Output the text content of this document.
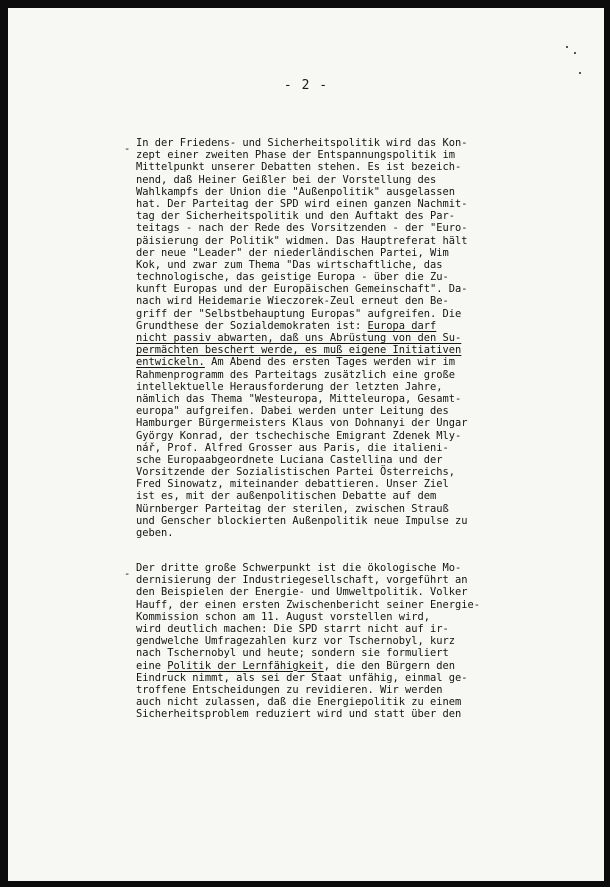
- 2 -
- In der Friedens- und Sicherheitspolitik wird das Kon-
zept einer zweiten Phase der Entspannungspolitik im
Mittelpunkt unserer Debatten stehen. Es ist bezeich-
nend, daß Heiner Geißler bei der Vorstellung des
Wahlkampfs der Union die "Außenpolitik" ausgelassen
hat. Der Parteitag der SPD wird einen ganzen Nachmit-
tag der Sicherheitspolitik und den Auftakt des Par-
teitags - nach der Rede des Vorsitzenden - der "Euro-
päisierung der Politik" widmen. Das Hauptreferat hält
der neue "Leader" der niederländischen Partei, Wim
Kok, und zwar zum Thema "Das wirtschaftliche, das
technologische, das geistige Europa - über die Zu-
kunft Europas und der Europäischen Gemeinschaft". Da-
nach wird Heidemarie Wieczorek-Zeul erneut den Be-
griff der "Selbstbehauptung Europas" aufgreifen. Die
Grundthese der Sozialdemokraten ist: Europa darf
nicht passiv abwarten, daß uns Abrüstung von den Su-
permächten beschert werde, es muß eigene Initiativen
entwickeln. Am Abend des ersten Tages werden wir im
Rahmenprogramm des Parteitags zusätzlich eine große
intellektuelle Herausforderung der letzten Jahre,
nämlich das Thema "Westeuropa, Mitteleuropa, Gesamt-
europa" aufgreifen. Dabei werden unter Leitung des
Hamburger Bürgermeisters Klaus von Dohnanyi der Ungar
György Konrad, der tschechische Emigrant Zdenek Mly-
nář, Prof. Alfred Grosser aus Paris, die italieni-
sche Europaabgeordnete Luciana Castellina und der
Vorsitzende der Sozialistischen Partei Österreichs,
Fred Sinowatz, miteinander debattieren. Unser Ziel
ist es, mit der außenpolitischen Debatte auf dem
Nürnberger Parteitag der sterilen, zwischen Strauß
und Genscher blockierten Außenpolitik neue Impulse zu
geben.
- Der dritte große Schwerpunkt ist die ökologische Mo-
dernisierung der Industriegesellschaft, vorgeführt an
den Beispielen der Energie- und Umweltpolitik. Volker
Hauff, der einen ersten Zwischenbericht seiner Energie-
Kommission schon am 11. August vorstellen wird,
wird deutlich machen: Die SPD starrt nicht auf ir-
gendwelche Umfragezahlen kurz vor Tschernobyl, kurz
nach Tschernobyl und heute; sondern sie formuliert
eine Politik der Lernfähigkeit, die den Bürgern den
Eindruck nimmt, als sei der Staat unfähig, einmal ge-
troffene Entscheidungen zu revidieren. Wir werden
auch nicht zulassen, daß die Energiepolitik zu einem
Sicherheitsproblem reduziert wird und statt über den
